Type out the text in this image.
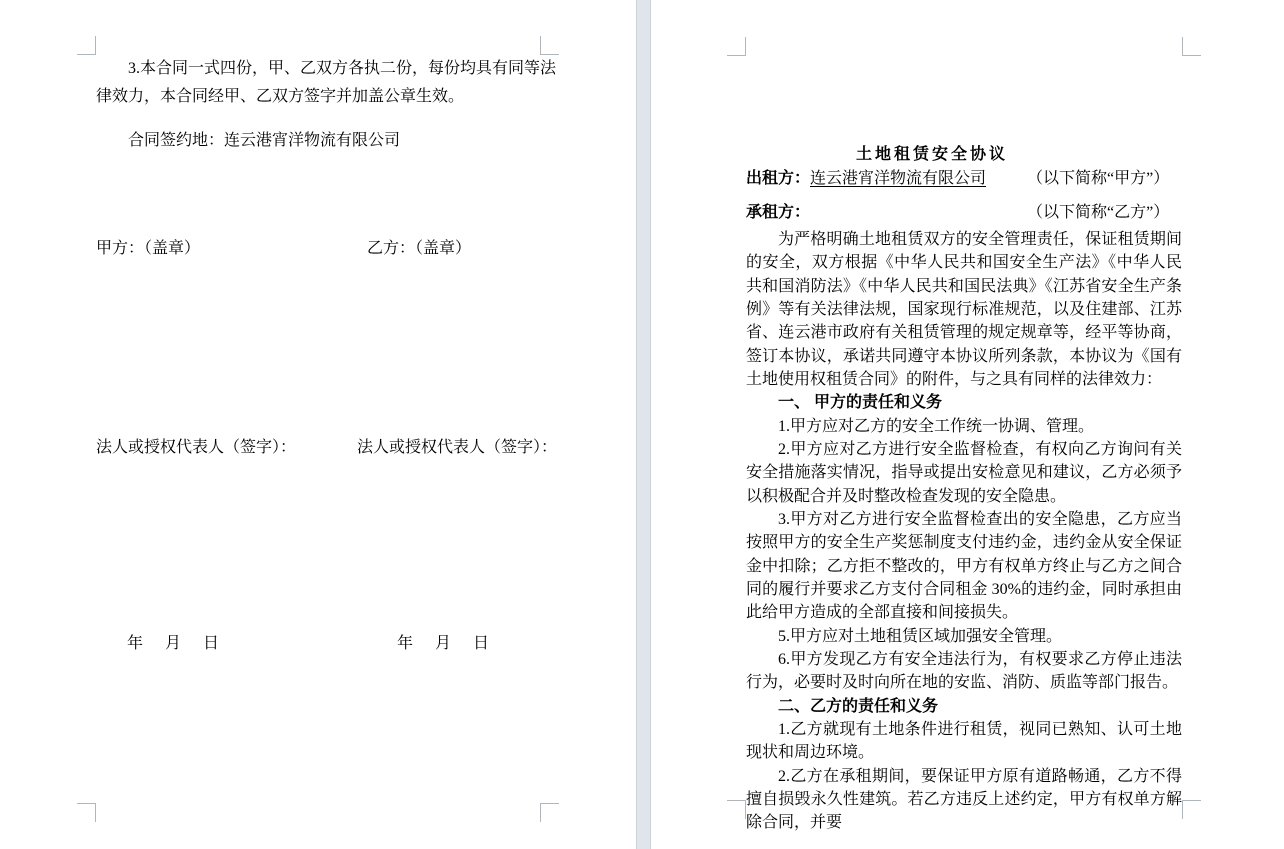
3.本合同一式四份，甲、乙双方各执二份，每份均具有同等法律效力，本合同经甲、乙双方签字并加盖公章生效。

合同签约地：连云港宵洋物流有限公司

甲方：（盖章）	乙方：（盖章）
法人或授权代表人（签字）：	法人或授权代表人（签字）：
年 月 日	年 月 日
土地租赁安全协议
出租方：连云港宵洋物流有限公司	（以下简称“甲方”）
承租方：	（以下简称“乙方”）

为严格明确土地租赁双方的安全管理责任，保证租赁期间的安全，双方根据《中华人民共和国安全生产法》《中华人民共和国消防法》《中华人民共和国民法典》《江苏省安全生产条例》等有关法律法规，国家现行标准规范，以及住建部、江苏省、连云港市政府有关租赁管理的规定规章等，经平等协商，签订本协议，承诺共同遵守本协议所列条款，本协议为《国有土地使用权租赁合同》的附件，与之具有同样的法律效力：

一、 甲方的责任和义务

1.甲方应对乙方的安全工作统一协调、管理。

2.甲方应对乙方进行安全监督检查，有权向乙方询问有关安全措施落实情况，指导或提出安检意见和建议，乙方必须予以积极配合并及时整改检查发现的安全隐患。

3.甲方对乙方进行安全监督检查出的安全隐患，乙方应当按照甲方的安全生产奖惩制度支付违约金，违约金从安全保证金中扣除；乙方拒不整改的，甲方有权单方终止与乙方之间合同的履行并要求乙方支付合同租金 30%的违约金，同时承担由此给甲方造成的全部直接和间接损失。

5.甲方应对土地租赁区域加强安全管理。

6.甲方发现乙方有安全违法行为，有权要求乙方停止违法行为，必要时及时向所在地的安监、消防、质监等部门报告。

二、乙方的责任和义务

1.乙方就现有土地条件进行租赁，视同已熟知、认可土地现状和周边环境。

2.乙方在承租期间，要保证甲方原有道路畅通，乙方不得擅自损毁永久性建筑。若乙方违反上述约定，甲方有权单方解除合同，并要
